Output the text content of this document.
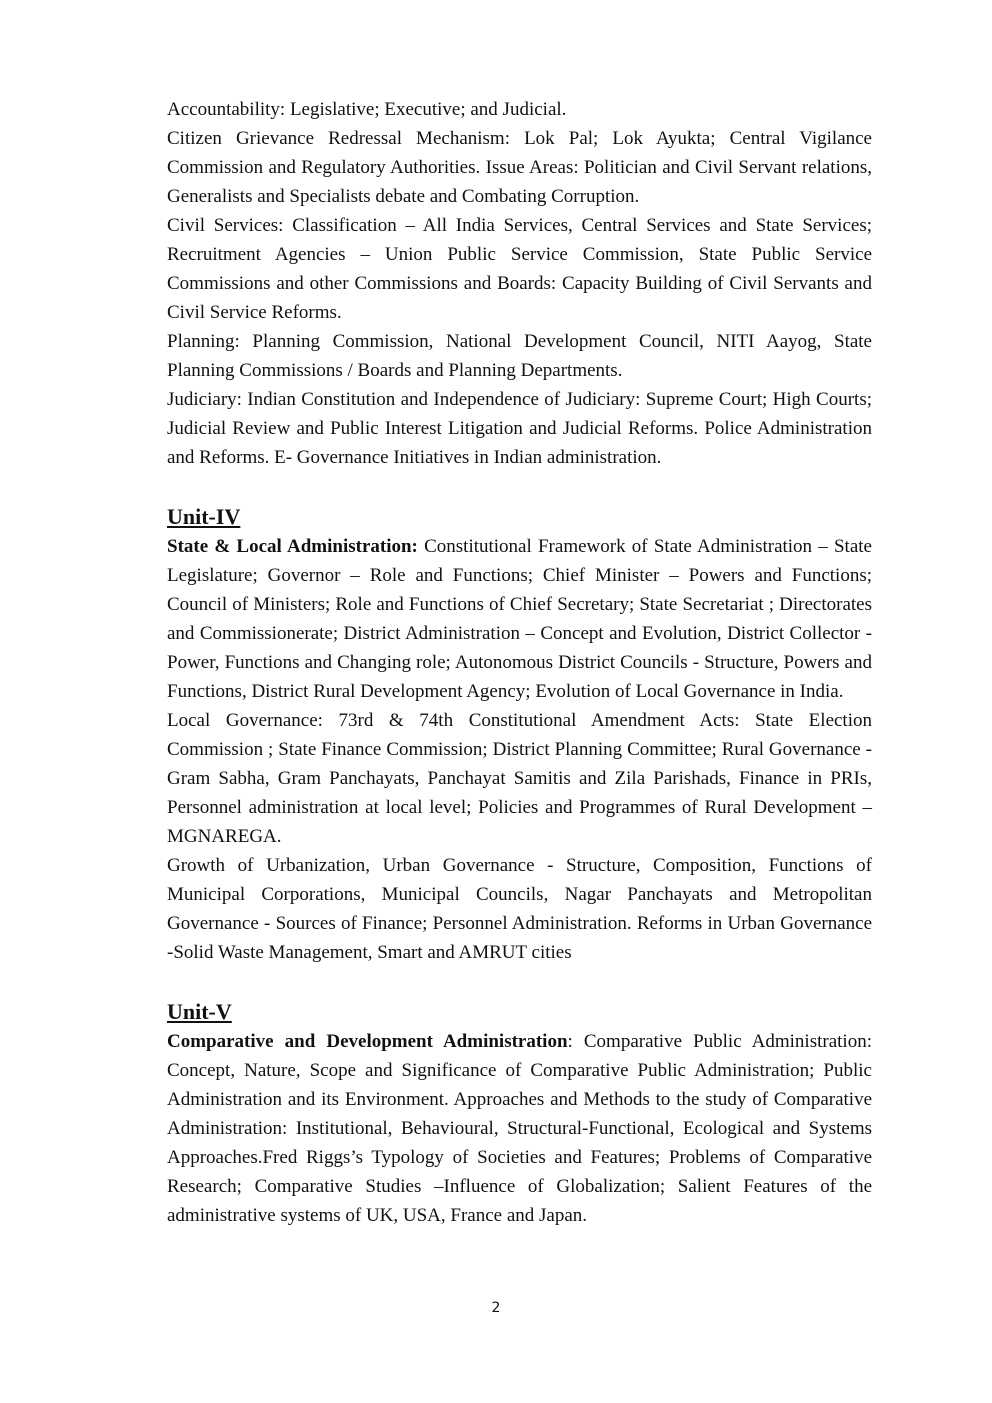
Accountability: Legislative; Executive; and Judicial.

Citizen Grievance Redressal Mechanism: Lok Pal; Lok Ayukta; Central Vigilance Commission and Regulatory Authorities. Issue Areas: Politician and Civil Servant relations, Generalists and Specialists debate and Combating Corruption.

Civil Services: Classification – All India Services, Central Services and State Services; Recruitment Agencies – Union Public Service Commission, State Public Service Commissions and other Commissions and Boards: Capacity Building of Civil Servants and Civil Service Reforms.

Planning: Planning Commission, National Development Council, NITI Aayog, State Planning Commissions / Boards and Planning Departments.

Judiciary: Indian Constitution and Independence of Judiciary: Supreme Court; High Courts; Judicial Review and Public Interest Litigation and Judicial Reforms. Police Administration and Reforms. E- Governance Initiatives in Indian administration.

Unit-IV

State & Local Administration: Constitutional Framework of State Administration – State Legislature; Governor – Role and Functions; Chief Minister – Powers and Functions; Council of Ministers; Role and Functions of Chief Secretary; State Secretariat ; Directorates and Commissionerate; District Administration – Concept and Evolution, District Collector - Power, Functions and Changing role; Autonomous District Councils - Structure, Powers and Functions, District Rural Development Agency; Evolution of Local Governance in India.

Local Governance: 73rd & 74th Constitutional Amendment Acts: State Election Commission ; State Finance Commission; District Planning Committee; Rural Governance - Gram Sabha, Gram Panchayats, Panchayat Samitis and Zila Parishads, Finance in PRIs, Personnel administration at local level; Policies and Programmes of Rural Development – MGNAREGA.

Growth of Urbanization, Urban Governance - Structure, Composition, Functions of Municipal Corporations, Municipal Councils, Nagar Panchayats and Metropolitan Governance - Sources of Finance; Personnel Administration. Reforms in Urban Governance -Solid Waste Management, Smart and AMRUT cities

Unit-V

Comparative and Development Administration: Comparative Public Administration: Concept, Nature, Scope and Significance of Comparative Public Administration; Public Administration and its Environment. Approaches and Methods to the study of Comparative Administration: Institutional, Behavioural, Structural-Functional, Ecological and Systems Approaches.Fred Riggs’s Typology of Societies and Features; Problems of Comparative Research; Comparative Studies –Influence of Globalization; Salient Features of the administrative systems of UK, USA, France and Japan.

2
